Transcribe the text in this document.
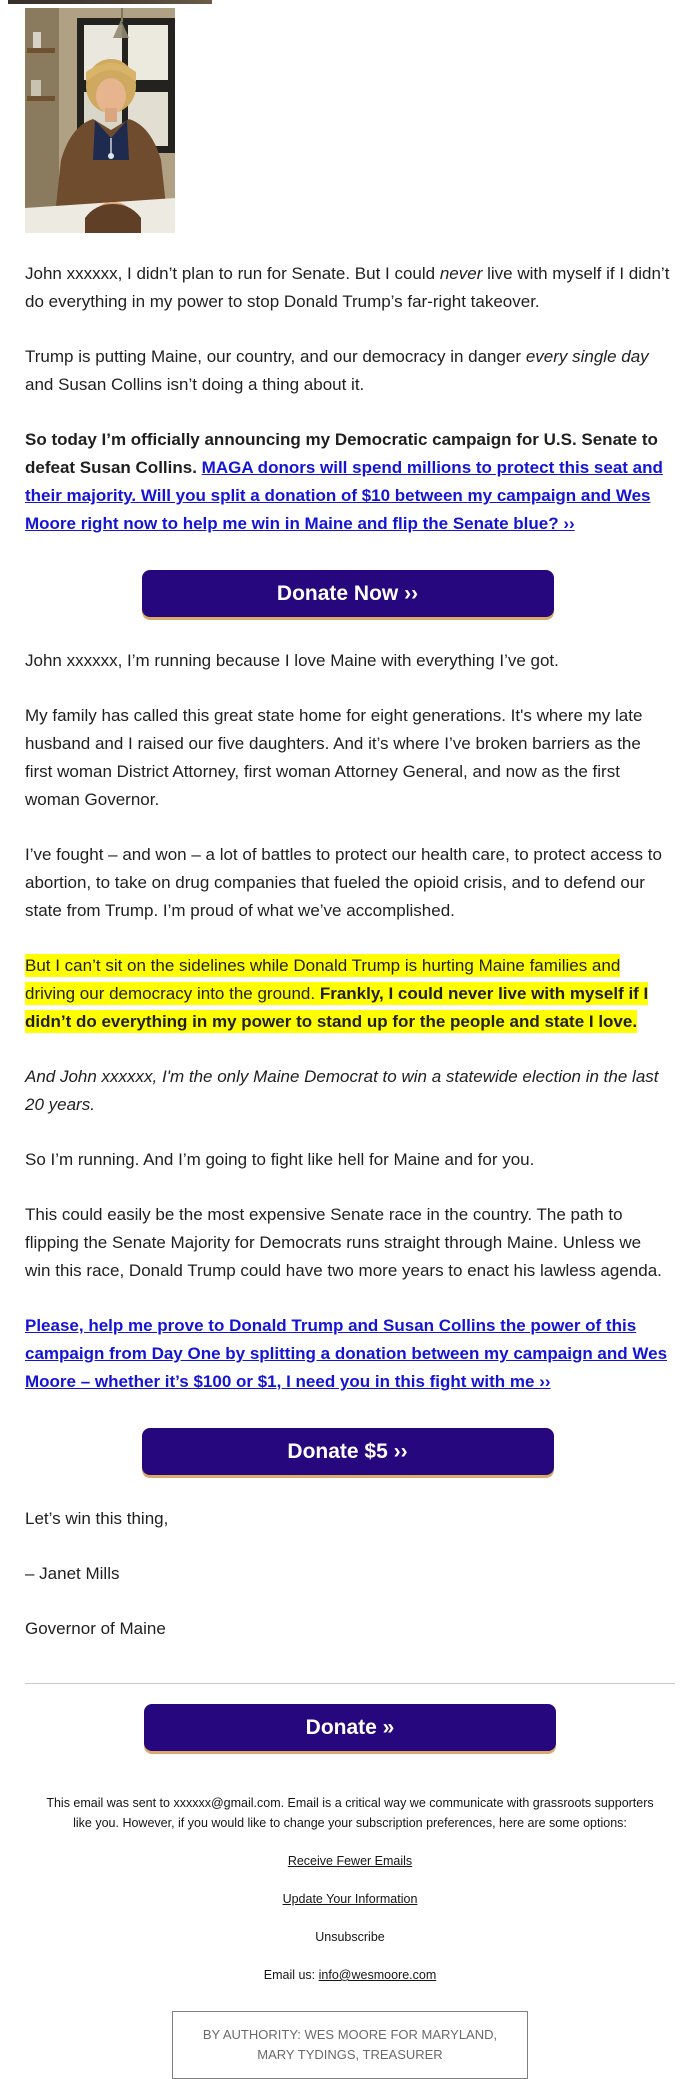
John xxxxxx, I didn’t plan to run for Senate. But I could never live with myself if I didn’t do everything in my power to stop Donald Trump’s far-right takeover.

Trump is putting Maine, our country, and our democracy in danger every single day and Susan Collins isn’t doing a thing about it.

So today I’m officially announcing my Democratic campaign for U.S. Senate to defeat Susan Collins. MAGA donors will spend millions to protect this seat and their majority. Will you split a donation of $10 between my campaign and Wes Moore right now to help me win in Maine and flip the Senate blue? ››

Donate Now ››

John xxxxxx, I’m running because I love Maine with everything I’ve got.

My family has called this great state home for eight generations. It's where my late husband and I raised our five daughters. And it’s where I’ve broken barriers as the first woman District Attorney, first woman Attorney General, and now as the first woman Governor.

I’ve fought – and won – a lot of battles to protect our health care, to protect access to abortion, to take on drug companies that fueled the opioid crisis, and to defend our state from Trump. I’m proud of what we’ve accomplished.

But I can’t sit on the sidelines while Donald Trump is hurting Maine families and driving our democracy into the ground. Frankly, I could never live with myself if I didn’t do everything in my power to stand up for the people and state I love.

And John xxxxxx, I'm the only Maine Democrat to win a statewide election in the last 20 years.

So I’m running. And I’m going to fight like hell for Maine and for you.

This could easily be the most expensive Senate race in the country. The path to flipping the Senate Majority for Democrats runs straight through Maine. Unless we win this race, Donald Trump could have two more years to enact his lawless agenda.

Please, help me prove to Donald Trump and Susan Collins the power of this campaign from Day One by splitting a donation between my campaign and Wes Moore – whether it’s $100 or $1, I need you in this fight with me ››

Donate $5 ››

Let’s win this thing,

– Janet Mills

Governor of Maine

Donate »

This email was sent to xxxxxx@gmail.com. Email is a critical way we communicate with grassroots supporters like you. However, if you would like to change your subscription preferences, here are some options:

Receive Fewer Emails

Update Your Information

Unsubscribe

Email us: info@wesmoore.com

BY AUTHORITY: WES MOORE FOR MARYLAND,
MARY TYDINGS, TREASURER
